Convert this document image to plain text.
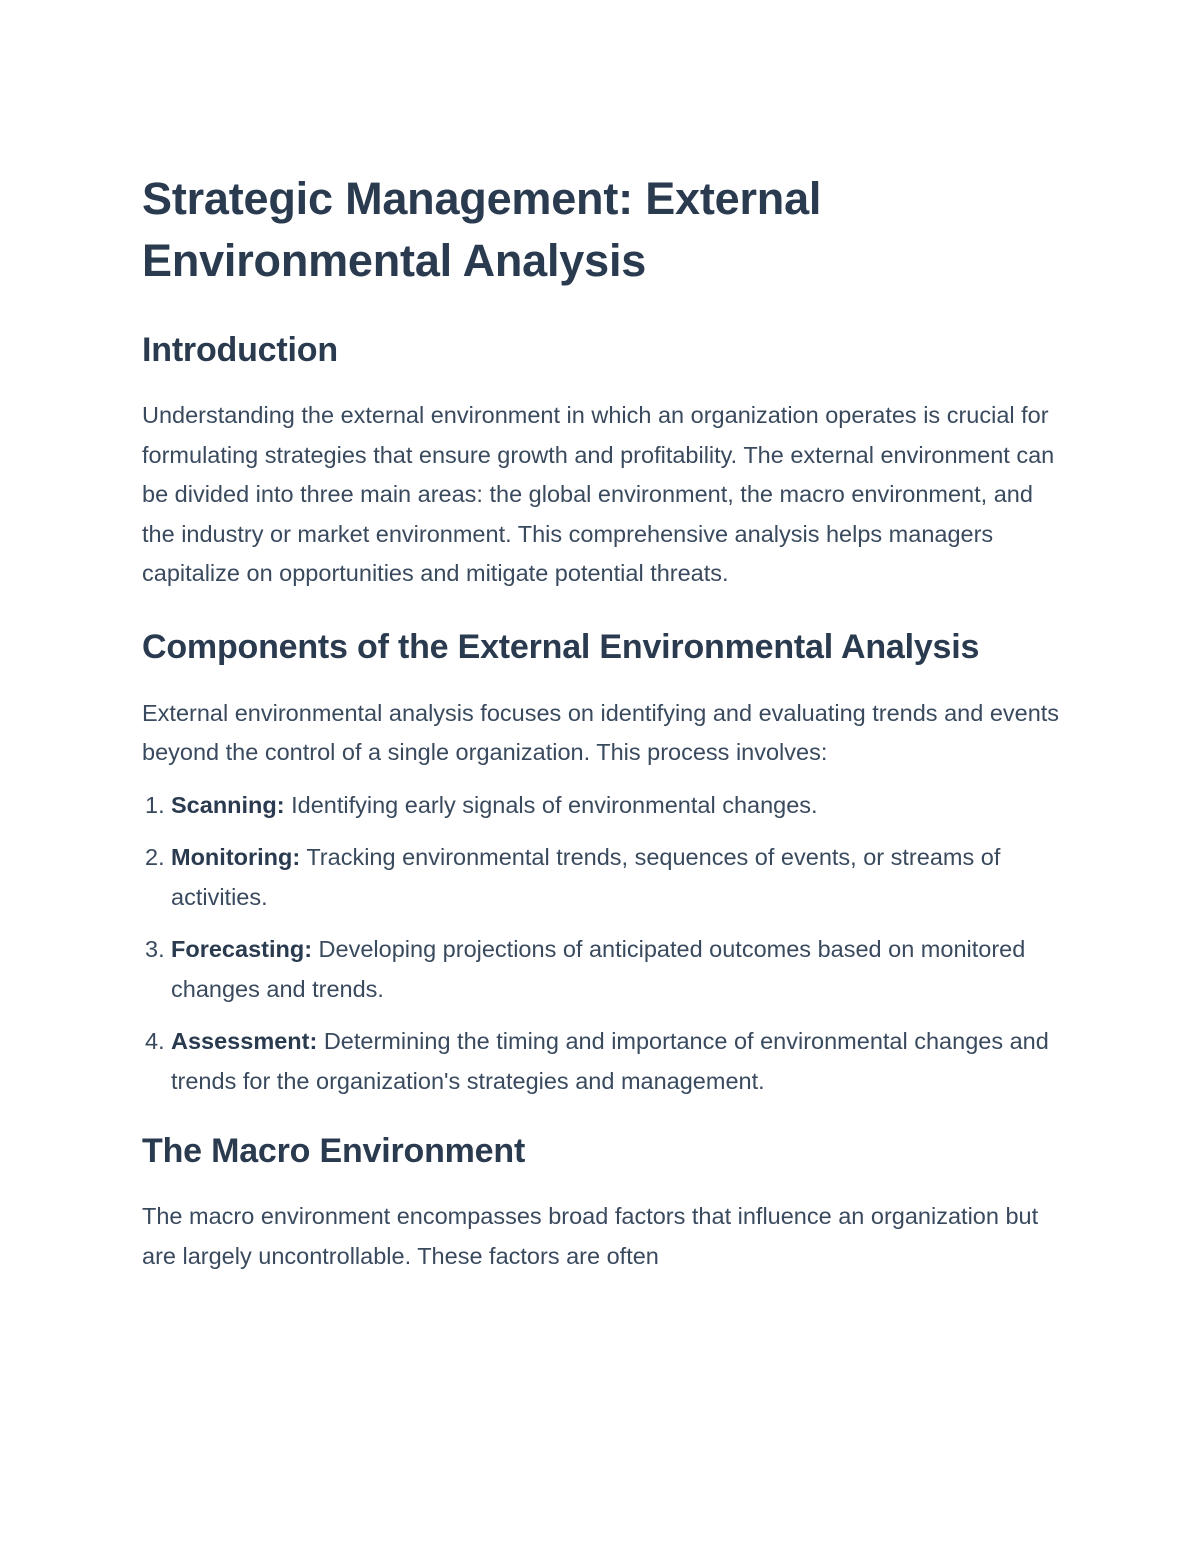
Strategic Management: External Environmental Analysis
Introduction

Understanding the external environment in which an organization operates is crucial for formulating strategies that ensure growth and profitability. The external environment can be divided into three main areas: the global environment, the macro environment, and the industry or market environment. This comprehensive analysis helps managers capitalize on opportunities and mitigate potential threats.

Components of the External Environmental Analysis

External environmental analysis focuses on identifying and evaluating trends and events beyond the control of a single organization. This process involves:

1. Scanning: Identifying early signals of environmental changes.
2. Monitoring: Tracking environmental trends, sequences of events, or streams of activities.
3. Forecasting: Developing projections of anticipated outcomes based on monitored changes and trends.
4. Assessment: Determining the timing and importance of environmental changes and trends for the organization's strategies and management.
The Macro Environment

The macro environment encompasses broad factors that influence an organization but are largely uncontrollable. These factors are often
